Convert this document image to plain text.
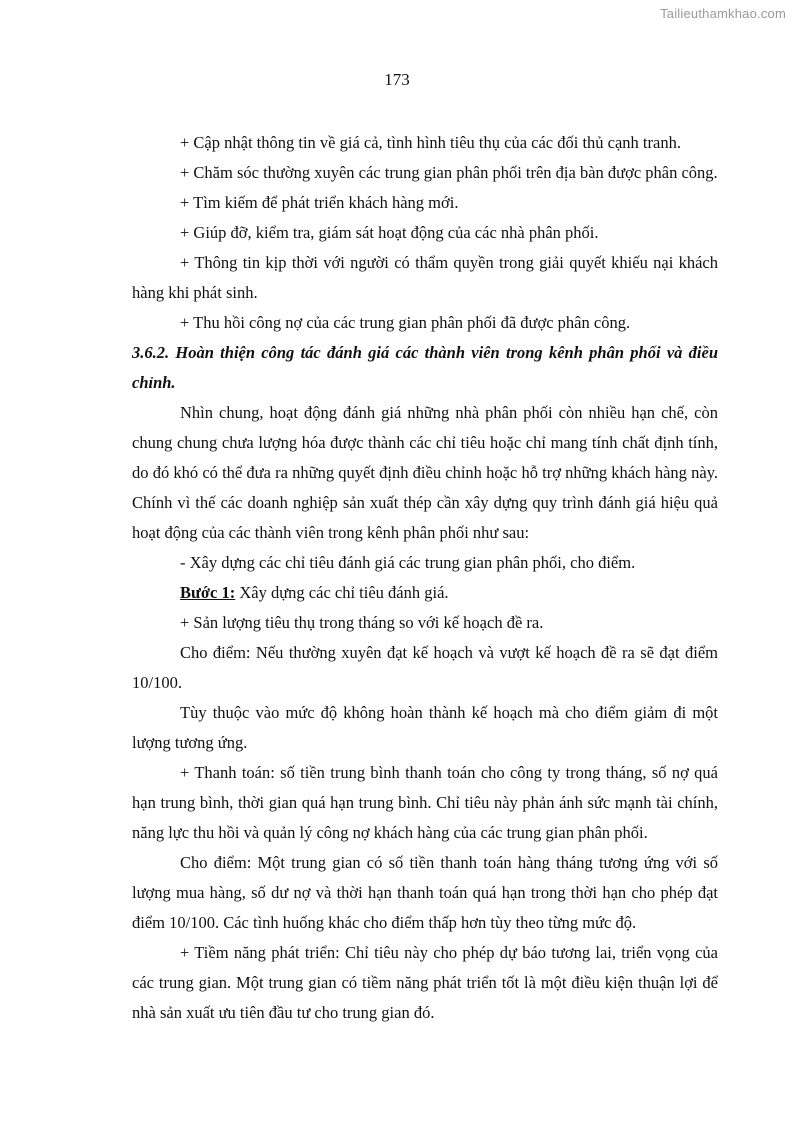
Tailieuthamkhao.com
173

+ Cập nhật thông tin về giá cả, tình hình tiêu thụ của các đối thủ cạnh tranh.

+ Chăm sóc thường xuyên các trung gian phân phối trên địa bàn được phân công.

+ Tìm kiếm để phát triển khách hàng mới.

+ Giúp đỡ, kiểm tra, giám sát hoạt động của các nhà phân phối.

+ Thông tin kịp thời với người có thẩm quyền trong giải quyết khiếu nại khách hàng khi phát sinh.

+ Thu hồi công nợ của các trung gian phân phối đã được phân công.

3.6.2. Hoàn thiện công tác đánh giá các thành viên trong kênh phân phối và điều chỉnh.

Nhìn chung, hoạt động đánh giá những nhà phân phối còn nhiều hạn chế, còn chung chung chưa lượng hóa được thành các chỉ tiêu hoặc chỉ mang tính chất định tính, do đó khó có thể đưa ra những quyết định điều chỉnh hoặc hỗ trợ những khách hàng này. Chính vì thế các doanh nghiệp sản xuất thép cần xây dựng quy trình đánh giá hiệu quả hoạt động của các thành viên trong kênh phân phối như sau:

- Xây dựng các chỉ tiêu đánh giá các trung gian phân phối, cho điểm.

Bước 1: Xây dựng các chỉ tiêu đánh giá.

+ Sản lượng tiêu thụ trong tháng so với kế hoạch đề ra.

Cho điểm: Nếu thường xuyên đạt kế hoạch và vượt kế hoạch đề ra sẽ đạt điểm 10/100.

Tùy thuộc vào mức độ không hoàn thành kế hoạch mà cho điểm giảm đi một lượng tương ứng.

+ Thanh toán: số tiền trung bình thanh toán cho công ty trong tháng, số nợ quá hạn trung bình, thời gian quá hạn trung bình. Chỉ tiêu này phản ánh sức mạnh tài chính, năng lực thu hồi và quản lý công nợ khách hàng của các trung gian phân phối.

Cho điểm: Một trung gian có số tiền thanh toán hàng tháng tương ứng với số lượng mua hàng, số dư nợ và thời hạn thanh toán quá hạn trong thời hạn cho phép đạt điểm 10/100. Các tình huống khác cho điểm thấp hơn tùy theo từng mức độ.

+ Tiềm năng phát triển: Chỉ tiêu này cho phép dự báo tương lai, triển vọng của các trung gian. Một trung gian có tiềm năng phát triển tốt là một điều kiện thuận lợi để nhà sản xuất ưu tiên đầu tư cho trung gian đó.
